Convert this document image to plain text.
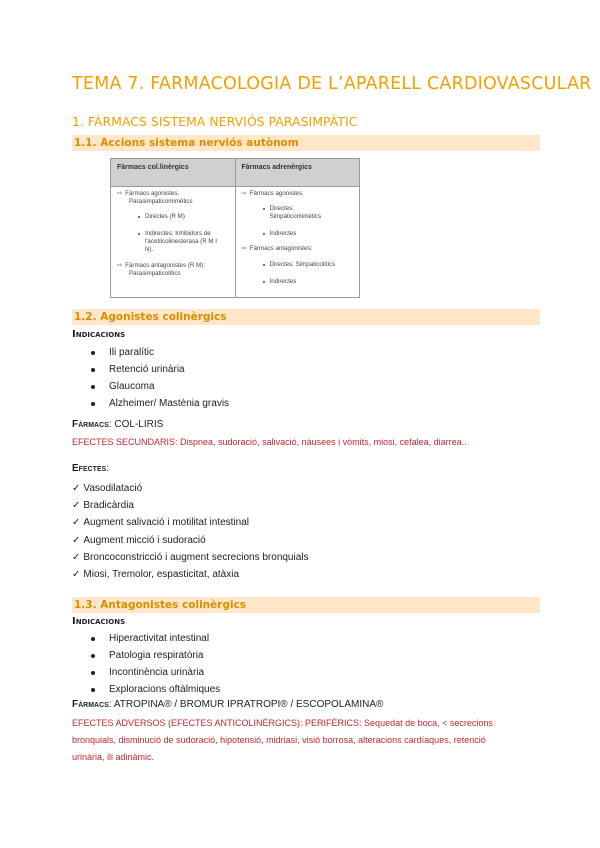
TEMA 7. FARMACOLOGIA DE L’APARELL CARDIOVASCULAR
1. FÀRMACS SISTEMA NERVIÓS PARASIMPÀTIC
1.1. Accions sistema nerviós autònom
Fàrmacs col.linèrgics	Fàrmacs adrenèrgics
⇨ Fàrmacs agonistes.
Parasimpaticomimètics
Directes (R M)
Indirectes: Inhibidors de
l'acetilcolinesterasa (R M I
N).
⇨ Fàrmacs antagonistes (R M):
Parasimpaticolítics
⇨ Fàrmacs agonistes.
Directes:
Simpàticomimètics
Indirectes
⇨ Fàrmacs antagonistes:
Directes: Simpaticolítics
Indirectes
1.2. Agonistes colinèrgics
Indicacions
Ili paralític
Retenció urinària
Glaucoma
Alzheimer/ Mastènia gravis
Fàrmacs: COL-LIRIS
EFECTES SECUNDARIS: Dispnea, sudoració, salivació, nàusees i vòmits, miosi, cefalea, diarrea..
Efectes:
✓ Vasodilatació
✓ Bradicàrdia
✓ Augment salivació i motilitat intestinal
✓ Augment micció i sudoració
✓ Broncoconstricció i augment secrecions bronquials
✓ Miosi, Tremolor, espasticitat, atàxia
1.3. Antagonistes colinèrgics
Indicacions
Hiperactivitat intestinal
Patologia respiratòria
Incontinència urinària
Exploracions oftàlmiques
Fàrmacs: ATROPINA® / BROMUR IPRATROPI® / ESCOPOLAMINA®
EFECTES ADVERSOS (EFECTES ANTICOLINÈRGICS): PERIFÈRICS: Sequedat de boca, < secrecions
bronquials, disminució de sudoració, hipotensió, midriasi, visió borrosa, alteracions cardíaques, retenció
urinària, ili adinàmic.
